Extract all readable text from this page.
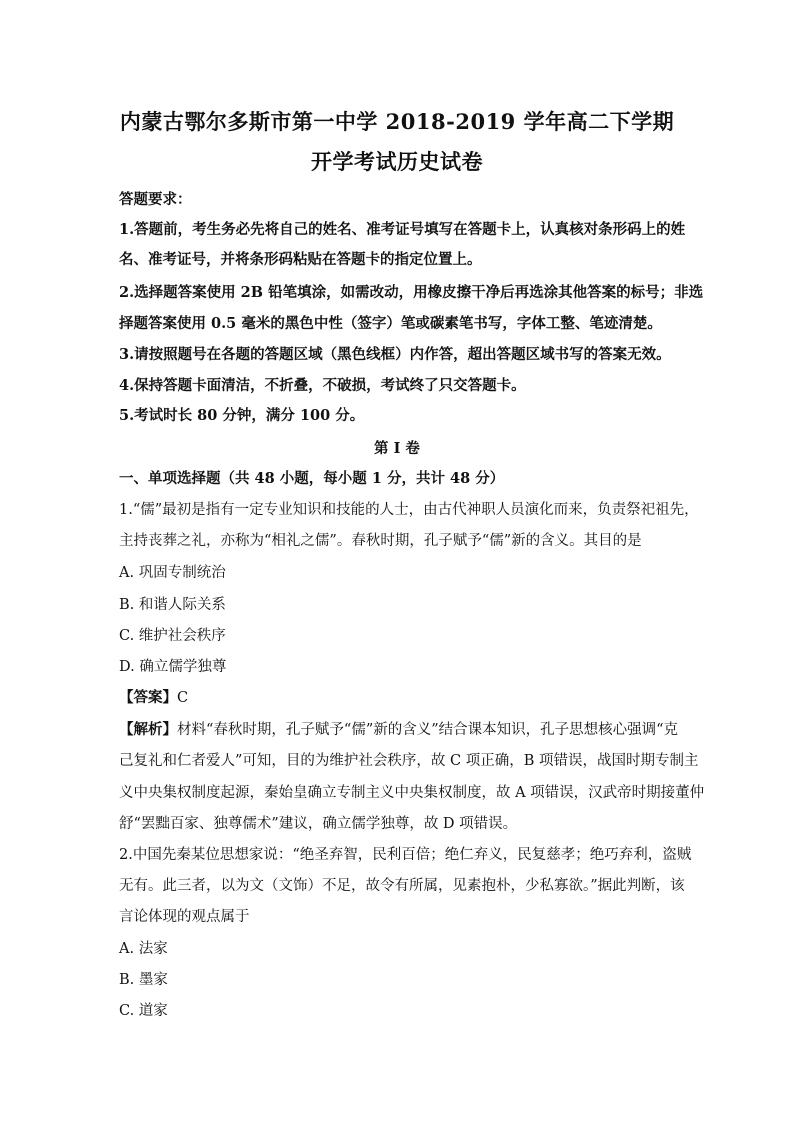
内蒙古鄂尔多斯市第一中学 2018-2019 学年高二下学期
开学考试历史试卷
答题要求：
1.答题前，考生务必先将自己的姓名、准考证号填写在答题卡上，认真核对条形码上的姓
名、准考证号，并将条形码粘贴在答题卡的指定位置上。
2.选择题答案使用 2B 铅笔填涂，如需改动，用橡皮擦干净后再选涂其他答案的标号；非选
择题答案使用 0.5 毫米的黑色中性（签字）笔或碳素笔书写，字体工整、笔迹清楚。
3.请按照题号在各题的答题区域（黑色线框）内作答，超出答题区域书写的答案无效。
4.保持答题卡面清洁，不折叠，不破损，考试终了只交答题卡。
5.考试时长 80 分钟，满分 100 分。
第 I 卷
一、单项选择题（共 48 小题，每小题 1 分，共计 48 分）
1.“儒”最初是指有一定专业知识和技能的人士，由古代神职人员演化而来，负责祭祀祖先，
主持丧葬之礼，亦称为“相礼之儒”。春秋时期，孔子赋予“儒”新的含义。其目的是
A. 巩固专制统治
B. 和谐人际关系
C. 维护社会秩序
D. 确立儒学独尊
【答案】C
【解析】材料“春秋时期，孔子赋予“儒”新的含义”结合课本知识，孔子思想核心强调“克
己复礼和仁者爱人”可知，目的为维护社会秩序，故 C 项正确，B 项错误，战国时期专制主
义中央集权制度起源，秦始皇确立专制主义中央集权制度，故 A 项错误，汉武帝时期接董仲
舒“罢黜百家、独尊儒术”建议，确立儒学独尊，故 D 项错误。
2.中国先秦某位思想家说：“绝圣弃智，民利百倍；绝仁弃义，民复慈孝；绝巧弃利，盗贼
无有。此三者，以为文（文饰）不足，故令有所属，见素抱朴，少私寡欲。”据此判断，该
言论体现的观点属于
A. 法家
B. 墨家
C. 道家
